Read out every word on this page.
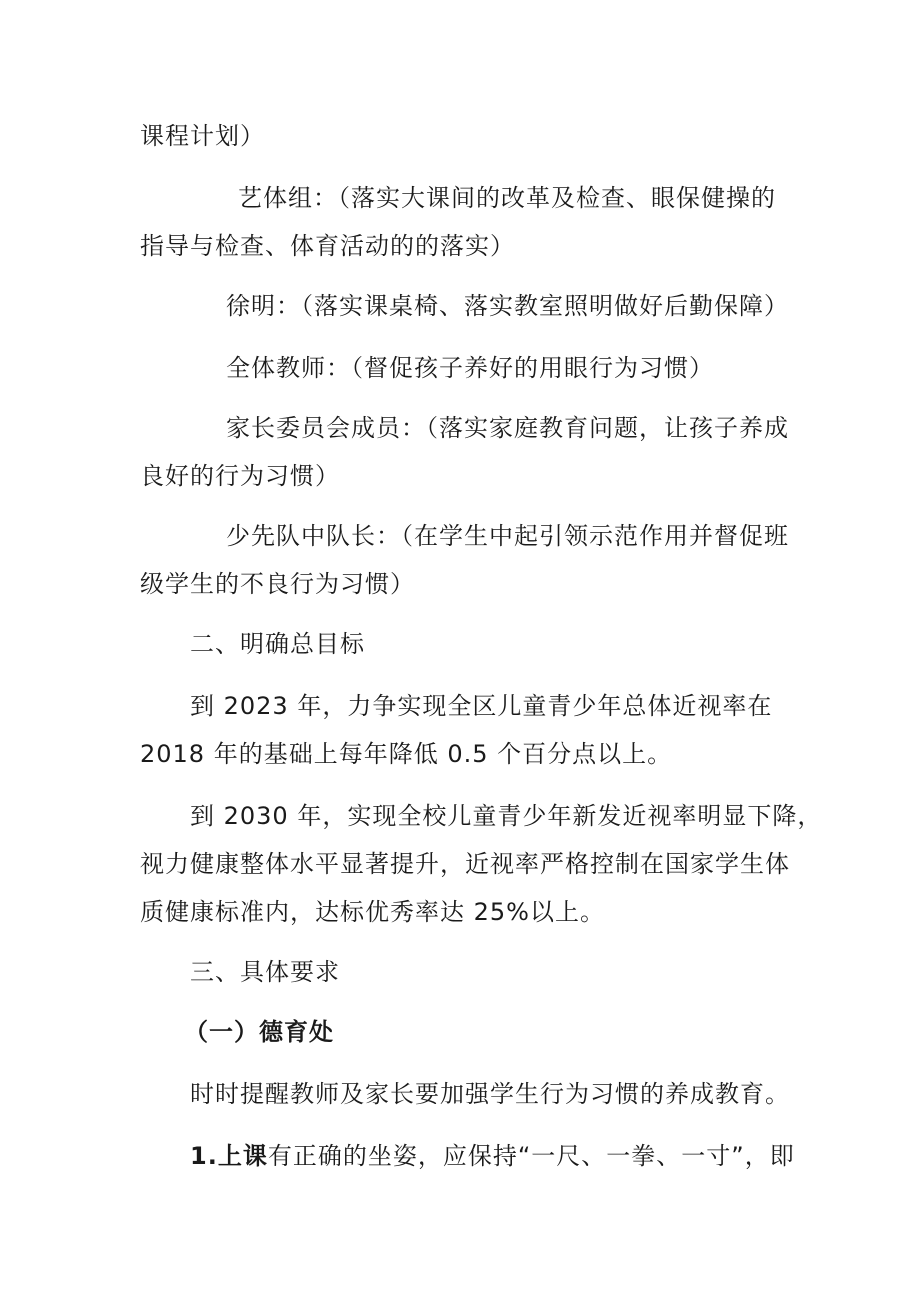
课程计划）
艺体组：（落实大课间的改革及检查、眼保健操的
指导与检查、体育活动的的落实）
徐明：（落实课桌椅、落实教室照明做好后勤保障）
全体教师：（督促孩子养好的用眼行为习惯）
家长委员会成员：（落实家庭教育问题，让孩子养成
良好的行为习惯）
少先队中队长：（在学生中起引领示范作用并督促班
级学生的不良行为习惯）
二、明确总目标
到 2023 年，力争实现全区儿童青少年总体近视率在
2018 年的基础上每年降低 0.5 个百分点以上。
到 2030 年，实现全校儿童青少年新发近视率明显下降，
视力健康整体水平显著提升，近视率严格控制在国家学生体
质健康标准内，达标优秀率达 25%以上。
三、具体要求
（一）德育处
时时提醒教师及家长要加强学生行为习惯的养成教育。
1.上课有正确的坐姿，应保持“一尺、一拳、一寸”，即
